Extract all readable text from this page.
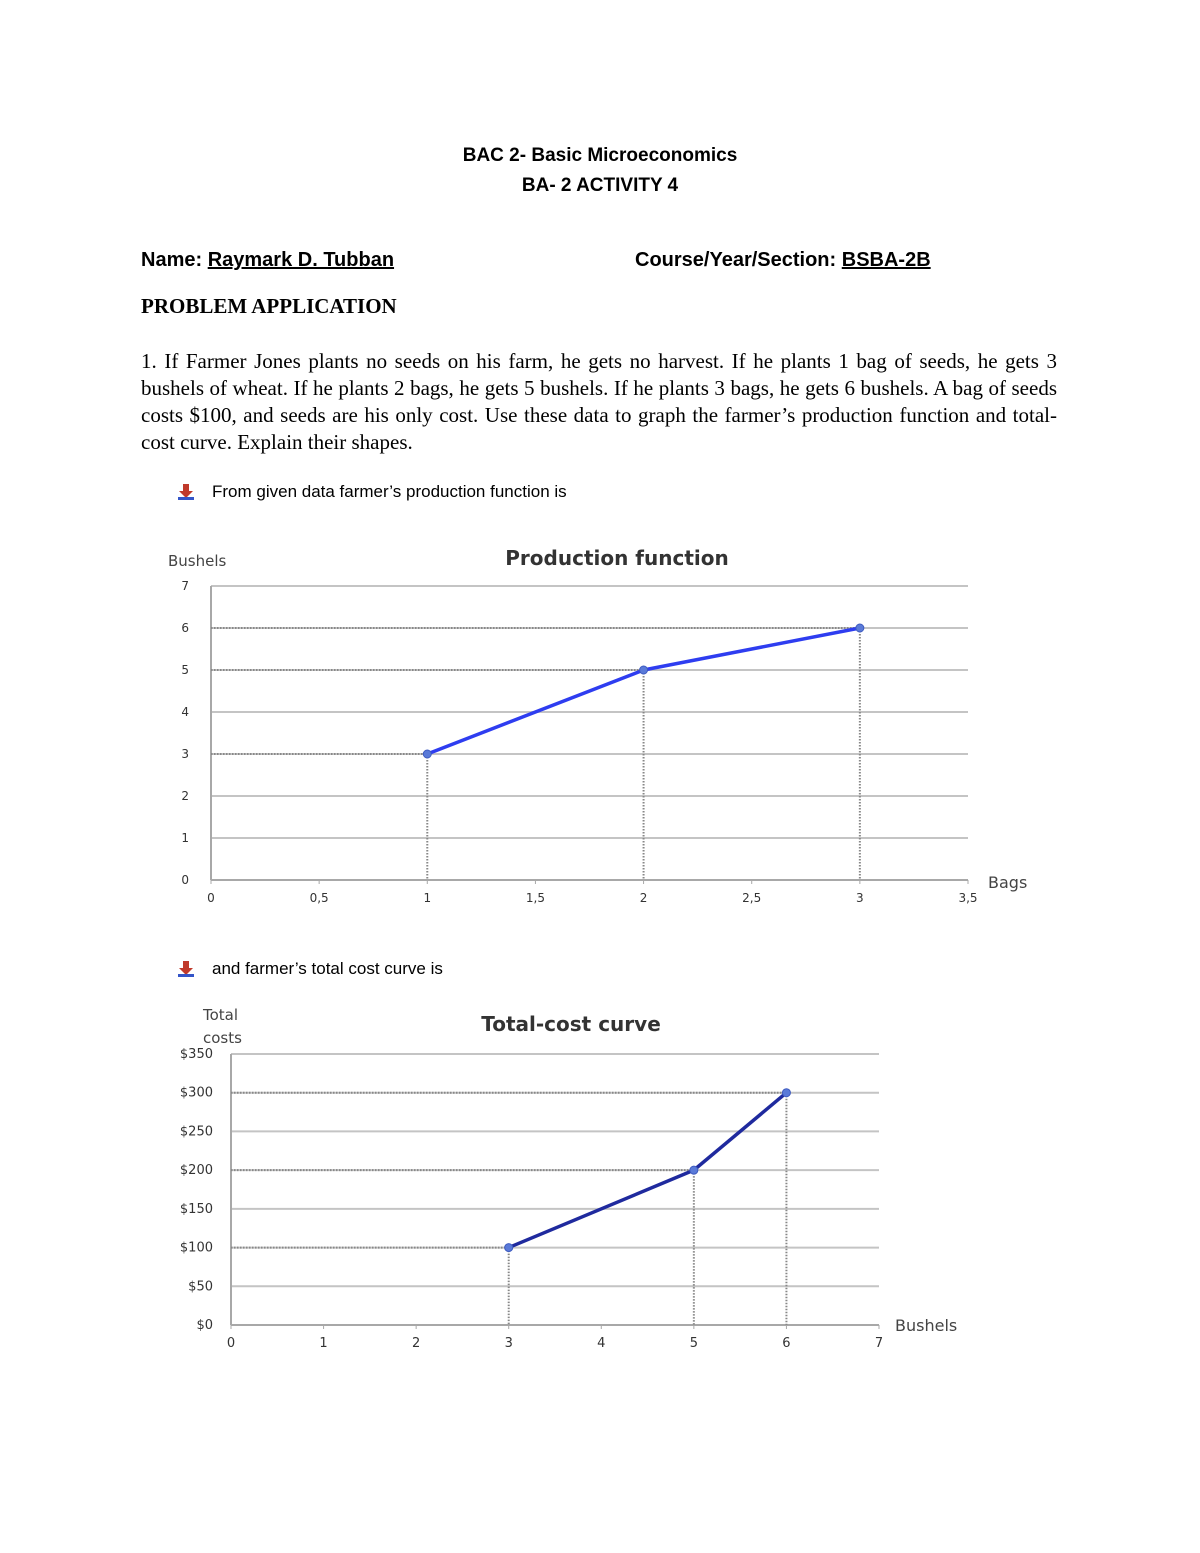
BAC 2- Basic Microeconomics
BA- 2 ACTIVITY 4
Name: Raymark D. Tubban	Course/Year/Section: BSBA-2B
PROBLEM APPLICATION
1. If Farmer Jones plants no seeds on his farm, he gets no harvest. If he plants 1 bag of seeds, he gets 3 bushels of wheat. If he plants 2 bags, he gets 5 bushels. If he plants 3 bags, he gets 6 bushels. A bag of seeds costs $100, and seeds are his only cost. Use these data to graph the farmer’s production function and total-cost curve. Explain their shapes.
From given data farmer’s production function is
0
1
2
3
4
5
6
7
0	0,5	1	1,5	2	2,5	3	3,5
Production function
Bushels
Bags
and farmer’s total cost curve is
$0
$50
$100
$150
$200
$250
$300
$350
0	1	2	3	4	5	6	7
Total-cost curve
Total
costs
Bushels
